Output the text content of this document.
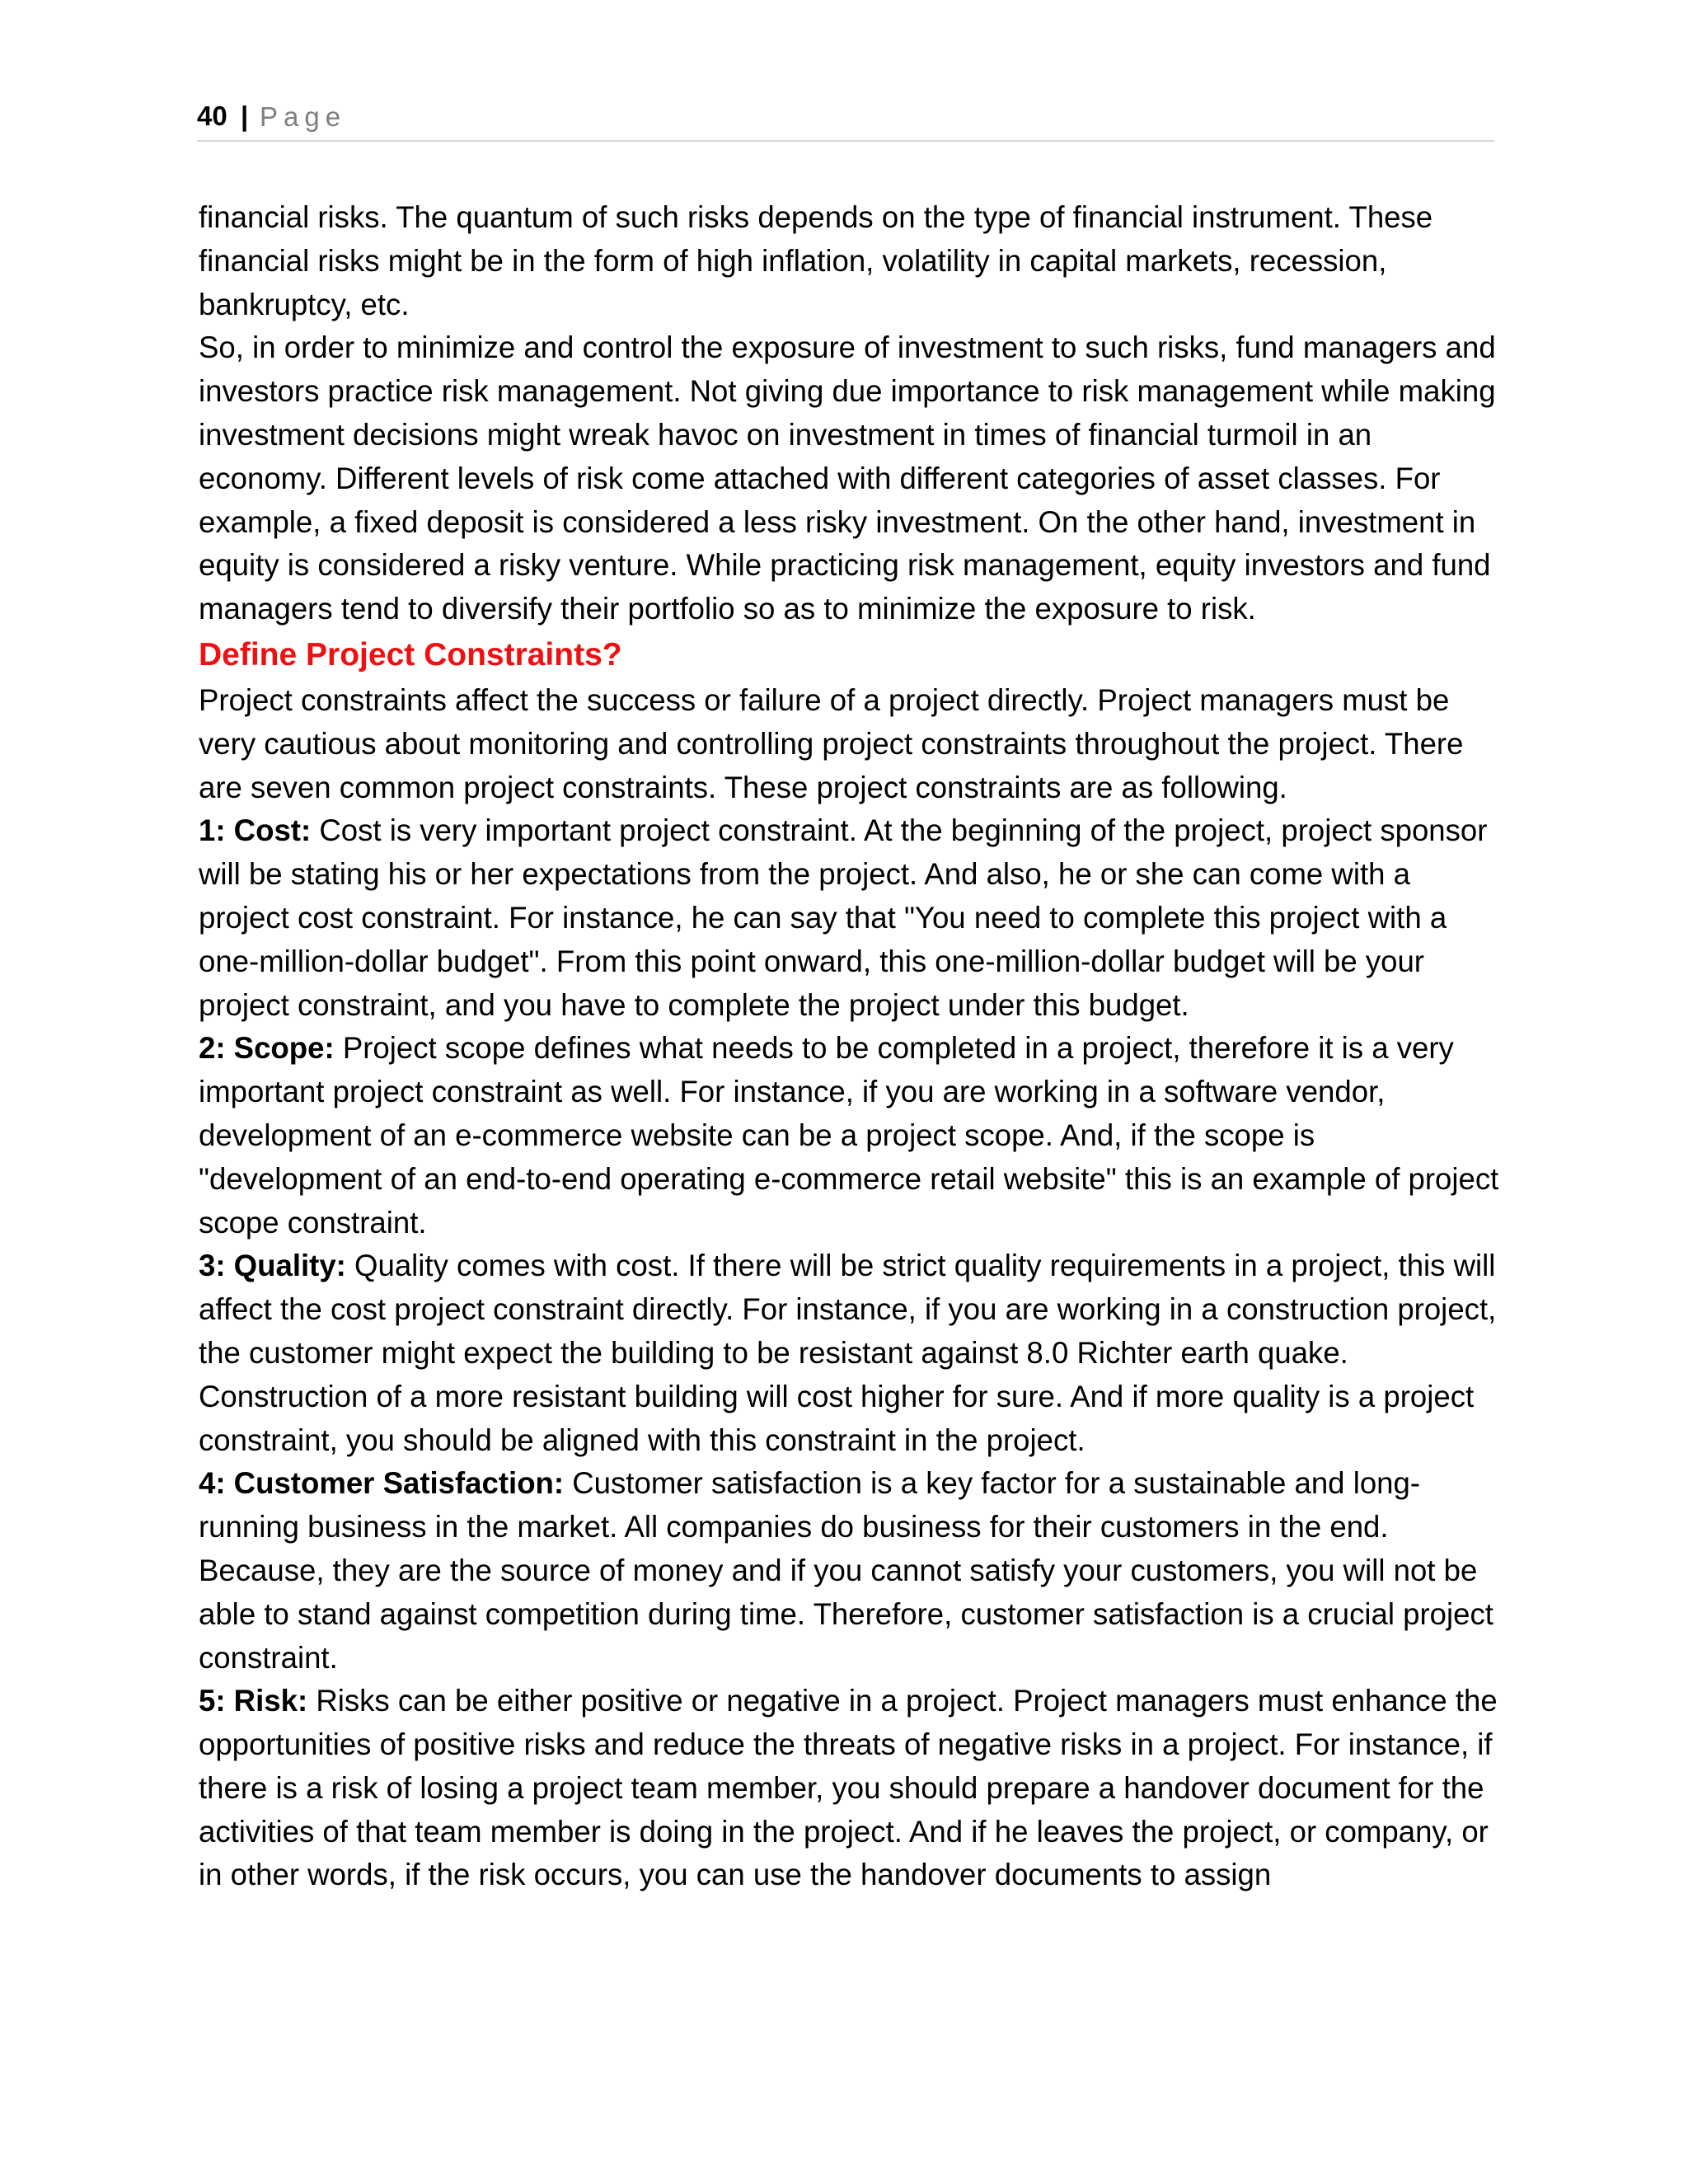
40 | Page

financial risks. The quantum of such risks depends on the type of financial instrument. These financial risks might be in the form of high inflation, volatility in capital markets, recession, bankruptcy, etc.

So, in order to minimize and control the exposure of investment to such risks, fund managers and investors practice risk management. Not giving due importance to risk management while making investment decisions might wreak havoc on investment in times of financial turmoil in an economy. Different levels of risk come attached with different categories of asset classes. For example, a fixed deposit is considered a less risky investment. On the other hand, investment in equity is considered a risky venture. While practicing risk management, equity investors and fund managers tend to diversify their portfolio so as to minimize the exposure to risk.

Define Project Constraints?

Project constraints affect the success or failure of a project directly. Project managers must be very cautious about monitoring and controlling project constraints throughout the project. There are seven common project constraints. These project constraints are as following.

1: Cost: Cost is very important project constraint. At the beginning of the project, project sponsor will be stating his or her expectations from the project. And also, he or she can come with a project cost constraint. For instance, he can say that "You need to complete this project with a one-million-dollar budget". From this point onward, this one-million-dollar budget will be your project constraint, and you have to complete the project under this budget.

2: Scope: Project scope defines what needs to be completed in a project, therefore it is a very important project constraint as well. For instance, if you are working in a software vendor, development of an e-commerce website can be a project scope. And, if the scope is "development of an end-to-end operating e-commerce retail website" this is an example of project scope constraint.

3: Quality: Quality comes with cost. If there will be strict quality requirements in a project, this will affect the cost project constraint directly. For instance, if you are working in a construction project, the customer might expect the building to be resistant against 8.0 Richter earth quake. Construction of a more resistant building will cost higher for sure. And if more quality is a project constraint, you should be aligned with this constraint in the project.

4: Customer Satisfaction: Customer satisfaction is a key factor for a sustainable and long-running business in the market. All companies do business for their customers in the end. Because, they are the source of money and if you cannot satisfy your customers, you will not be able to stand against competition during time. Therefore, customer satisfaction is a crucial project constraint.

5: Risk: Risks can be either positive or negative in a project. Project managers must enhance the opportunities of positive risks and reduce the threats of negative risks in a project. For instance, if there is a risk of losing a project team member, you should prepare a handover document for the activities of that team member is doing in the project. And if he leaves the project, or company, or in other words, if the risk occurs, you can use the handover documents to assign
